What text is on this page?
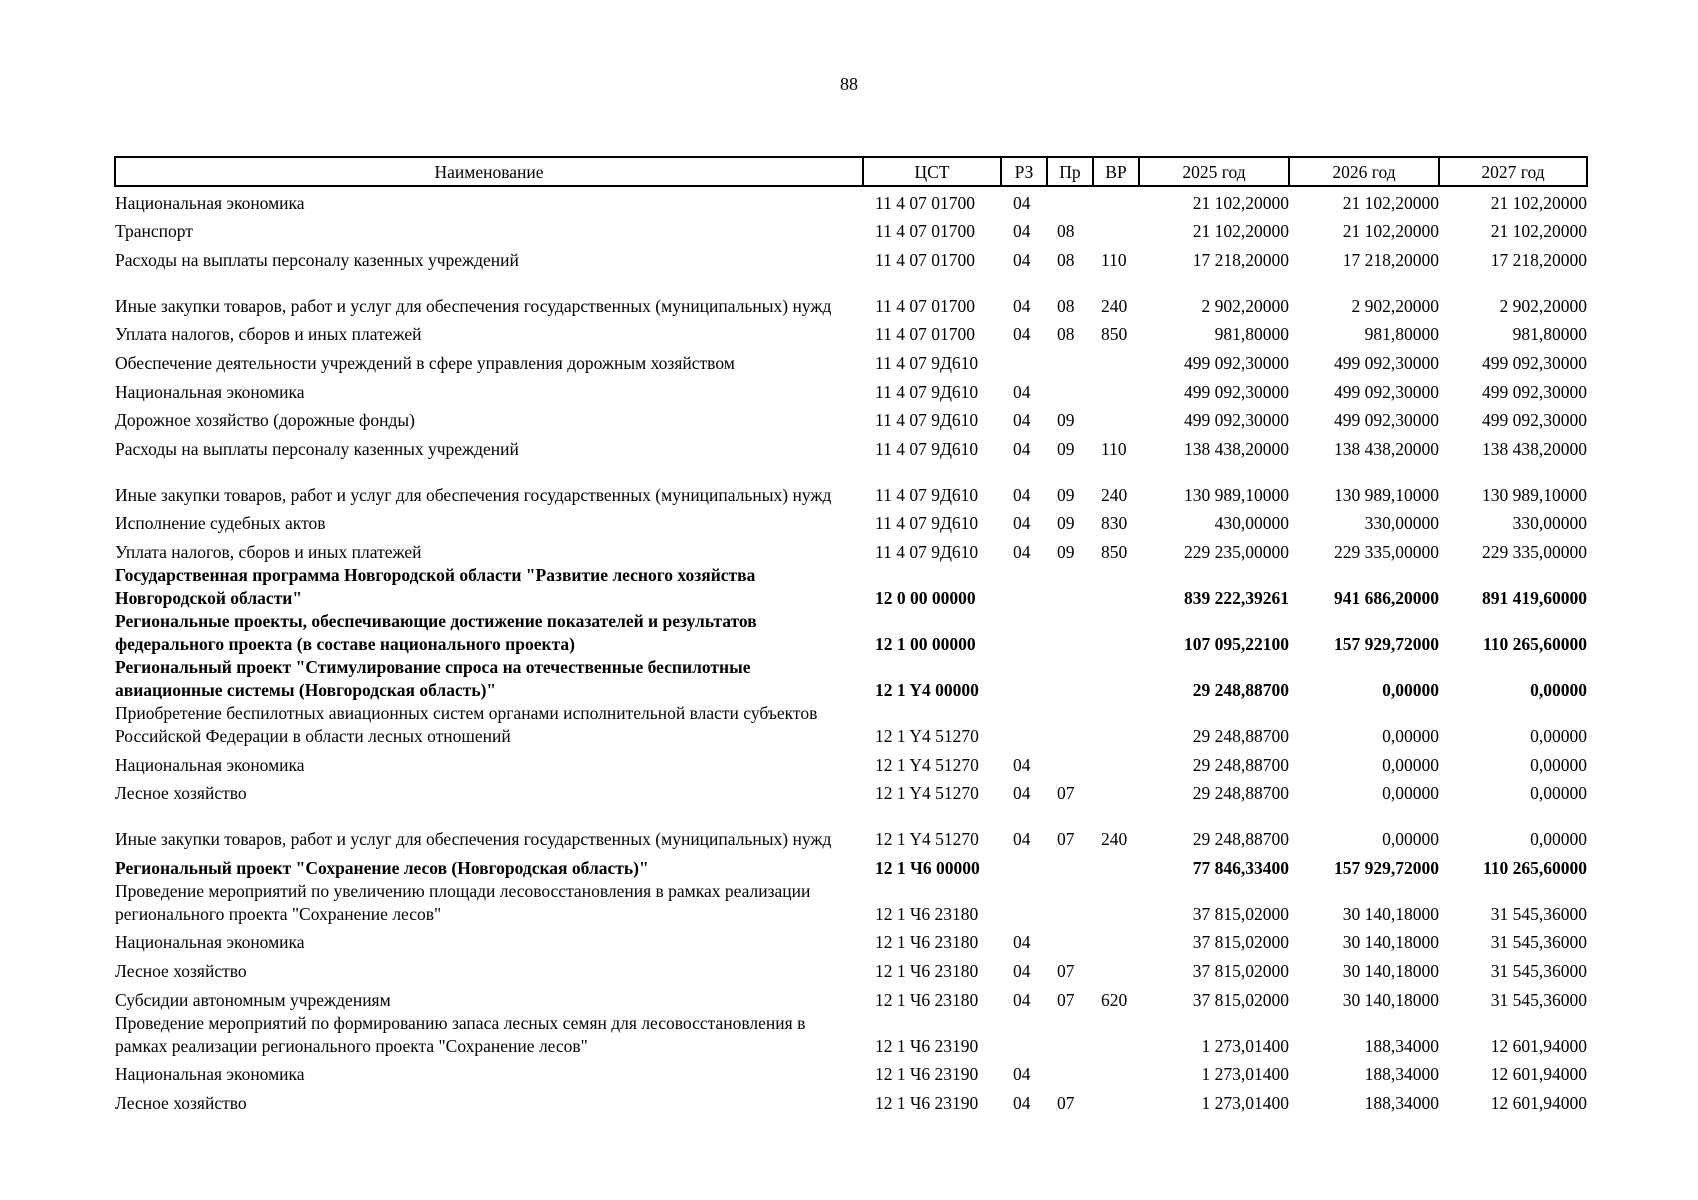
88
Наименование	ЦСТ	РЗ	Пр	ВР	2025 год	2026 год	2027 год
Национальная экономика	11 4 07 01700	04			21 102,20000	21 102,20000	21 102,20000
Транспорт	11 4 07 01700	04	08		21 102,20000	21 102,20000	21 102,20000
Расходы на выплаты персоналу казенных учреждений	11 4 07 01700	04	08	110	17 218,20000	17 218,20000	17 218,20000
Иные закупки товаров, работ и услуг для обеспечения государственных (муниципальных) нужд	11 4 07 01700	04	08	240	2 902,20000	2 902,20000	2 902,20000
Уплата налогов, сборов и иных платежей	11 4 07 01700	04	08	850	981,80000	981,80000	981,80000
Обеспечение деятельности учреждений в сфере управления дорожным хозяйством	11 4 07 9Д610				499 092,30000	499 092,30000	499 092,30000
Национальная экономика	11 4 07 9Д610	04			499 092,30000	499 092,30000	499 092,30000
Дорожное хозяйство (дорожные фонды)	11 4 07 9Д610	04	09		499 092,30000	499 092,30000	499 092,30000
Расходы на выплаты персоналу казенных учреждений	11 4 07 9Д610	04	09	110	138 438,20000	138 438,20000	138 438,20000
Иные закупки товаров, работ и услуг для обеспечения государственных (муниципальных) нужд	11 4 07 9Д610	04	09	240	130 989,10000	130 989,10000	130 989,10000
Исполнение судебных актов	11 4 07 9Д610	04	09	830	430,00000	330,00000	330,00000
Уплата налогов, сборов и иных платежей	11 4 07 9Д610	04	09	850	229 235,00000	229 335,00000	229 335,00000
Государственная программа Новгородской области "Развитие лесного хозяйства Новгородской области"	12 0 00 00000				839 222,39261	941 686,20000	891 419,60000
Региональные проекты, обеспечивающие достижение показателей и результатов федерального проекта (в составе национального проекта)	12 1 00 00000				107 095,22100	157 929,72000	110 265,60000
Региональный проект "Стимулирование спроса на отечественные беспилотные авиационные системы (Новгородская область)"	12 1 Y4 00000				29 248,88700	0,00000	0,00000
Приобретение беспилотных авиационных систем органами исполнительной власти субъектов Российской Федерации в области лесных отношений	12 1 Y4 51270				29 248,88700	0,00000	0,00000
Национальная экономика	12 1 Y4 51270	04			29 248,88700	0,00000	0,00000
Лесное хозяйство	12 1 Y4 51270	04	07		29 248,88700	0,00000	0,00000
Иные закупки товаров, работ и услуг для обеспечения государственных (муниципальных) нужд	12 1 Y4 51270	04	07	240	29 248,88700	0,00000	0,00000
Региональный проект "Сохранение лесов (Новгородская область)"	12 1 Ч6 00000				77 846,33400	157 929,72000	110 265,60000
Проведение мероприятий по увеличению площади лесовосстановления в рамках реализации регионального проекта "Сохранение лесов"	12 1 Ч6 23180				37 815,02000	30 140,18000	31 545,36000
Национальная экономика	12 1 Ч6 23180	04			37 815,02000	30 140,18000	31 545,36000
Лесное хозяйство	12 1 Ч6 23180	04	07		37 815,02000	30 140,18000	31 545,36000
Субсидии автономным учреждениям	12 1 Ч6 23180	04	07	620	37 815,02000	30 140,18000	31 545,36000
Проведение мероприятий по формированию запаса лесных семян для лесовосстановления в рамках реализации регионального проекта "Сохранение лесов"	12 1 Ч6 23190				1 273,01400	188,34000	12 601,94000
Национальная экономика	12 1 Ч6 23190	04			1 273,01400	188,34000	12 601,94000
Лесное хозяйство	12 1 Ч6 23190	04	07		1 273,01400	188,34000	12 601,94000
